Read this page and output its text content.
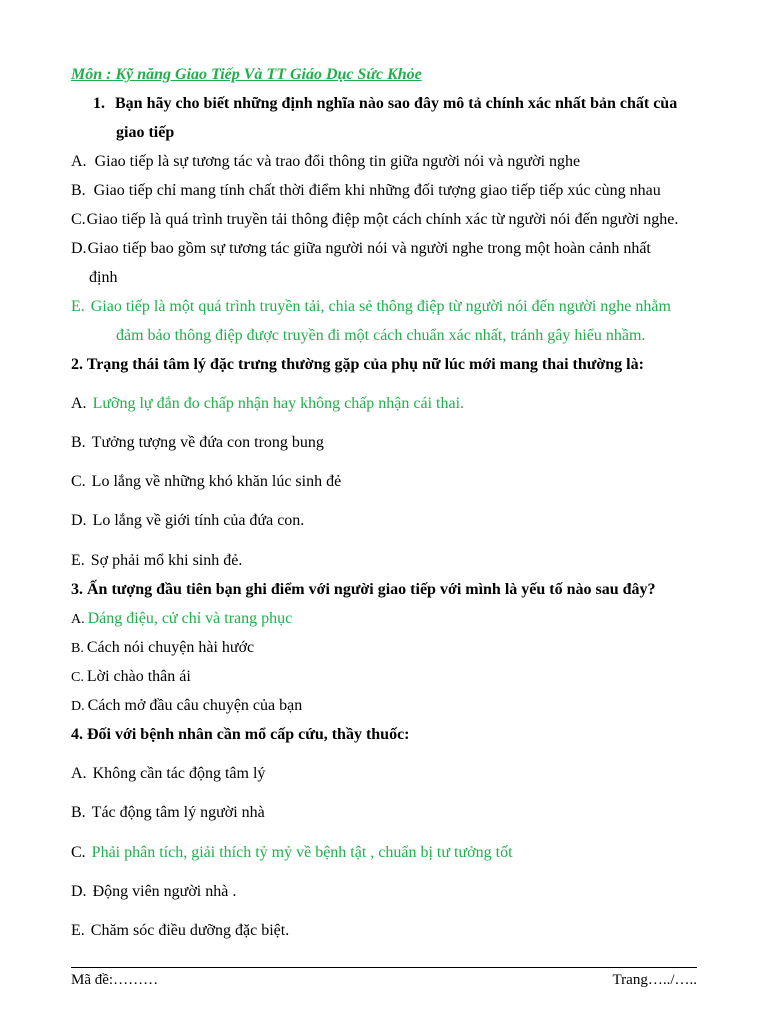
Môn : Kỹ năng Giao Tiếp Và TT Giáo Dục Sức Khỏe
1. Bạn hãy cho biết những định nghĩa nào sao đây mô tả chính xác nhất bản chất cùa
giao tiếp
A. Giao tiếp là sự tương tác và trao đổi thông tin giữa người nói và người nghe
B. Giao tiếp chỉ mang tính chất thời điểm khi những đối tượng giao tiếp tiếp xúc cùng nhau
C.Giao tiếp là quá trình truyền tải thông điệp một cách chính xác từ người nói đến người nghe.
D.Giao tiếp bao gồm sự tương tác giữa người nói và người nghe trong một hoàn cảnh nhất
định
E. Giao tiếp là một quá trình truyền tải, chia sẻ thông điệp từ người nói đến người nghe nhằm
đảm bảo thông điệp được truyền đi một cách chuẩn xác nhất, tránh gây hiểu nhầm.
2. Trạng thái tâm lý đặc trưng thường gặp của phụ nữ lúc mới mang thai thường là:
A. Lưỡng lự đắn đo chấp nhận hay không chấp nhận cái thai.
B. Tưởng tượng về đứa con trong bung
C. Lo lắng về những khó khăn lúc sinh đẻ
D. Lo lắng về giới tính của đứa con.
E. Sợ phải mổ khi sinh đẻ.
3. Ấn tượng đầu tiên bạn ghi điểm với người giao tiếp với mình là yếu tố nào sau đây?
A. Dáng điệu, cử chỉ và trang phục
B. Cách nói chuyện hài hước
C. Lời chào thân ái
D. Cách mở đầu câu chuyện của bạn
4. Đối với bệnh nhân cần mổ cấp cứu, thầy thuốc:
A. Không cần tác động tâm lý
B. Tác động tâm lý người nhà
C. Phải phân tích, giải thích tỷ mỷ về bệnh tật , chuẩn bị tư tưởng tốt
D. Động viên người nhà .
E. Chăm sóc điều dưỡng đặc biệt.
Mã đề:………	Trang…../…..
